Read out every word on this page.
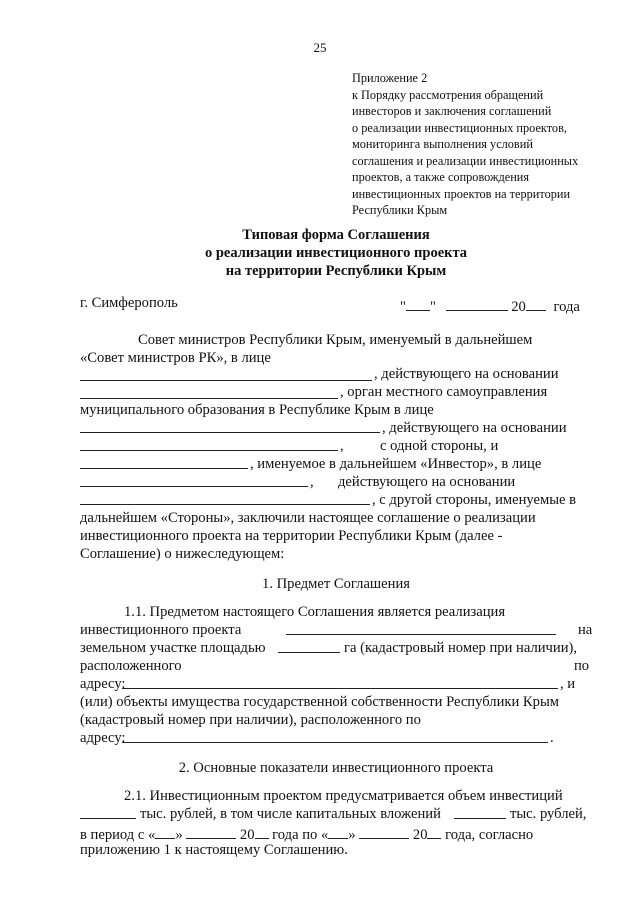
25
Приложение 2
к Порядку рассмотрения обращений
инвесторов и заключения соглашений
о реализации инвестиционных проектов,
мониторинга выполнения условий
соглашения и реализации инвестиционных
проектов, а также сопровождения
инвестиционных проектов на территории
Республики Крым
Типовая форма Соглашения
о реализации инвестиционного проекта
на территории Республики Крым
г. Симферополь	" "	20 года
Совет министров Республики Крым, именуемый в дальнейшем
«Совет министров РК», в лице
, действующего на основании
, орган местного самоуправления
муниципального образования в Республике Крым в лице
, действующего на основании
, с одной стороны, и
, именуемое в дальнейшем «Инвестор», в лице
, действующего на основании
, с другой стороны, именуемые в
дальнейшем «Стороны», заключили настоящее соглашение о реализации
инвестиционного проекта на территории Республики Крым (далее -
Соглашение) о нижеследующем:
1. Предмет Соглашения
1.1. Предметом настоящего Соглашения является реализация
инвестиционного проекта	на
земельном участке площадью	га (кадастровый номер при наличии),
расположенного	по
адресу:	, и
(или) объекты имущества государственной собственности Республики Крым
(кадастровый номер при наличии), расположенного по
адресу:	.
2. Основные показатели инвестиционного проекта
2.1. Инвестиционным проектом предусматривается объем инвестиций
тыс. рублей, в том числе капитальных вложений	тыс. рублей,
в период с « »	20 года по « »	20 года, согласно
приложению 1 к настоящему Соглашению.
